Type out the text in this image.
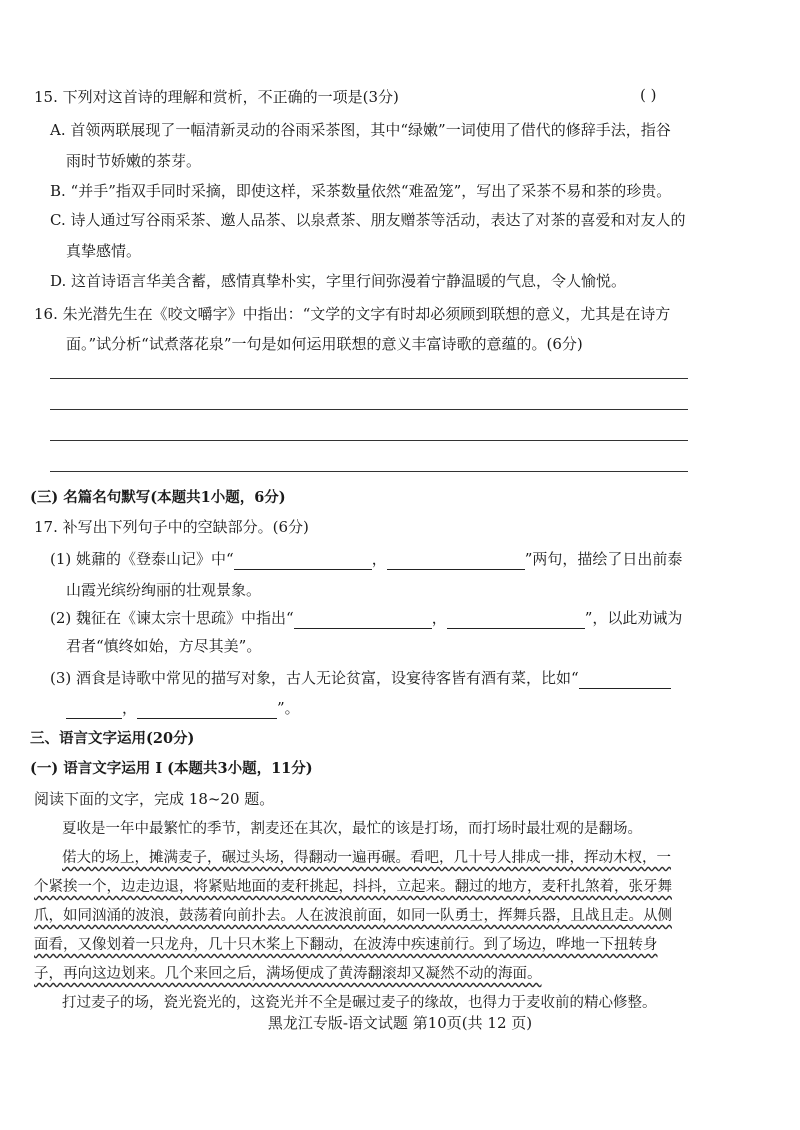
15. 下列对这首诗的理解和赏析，不正确的一项是(3分)	( )
A. 首领两联展现了一幅清新灵动的谷雨采茶图，其中“绿嫩”一词使用了借代的修辞手法，指谷
雨时节娇嫩的茶芽。
B. “并手”指双手同时采摘，即使这样，采茶数量依然“难盈笼”，写出了采茶不易和茶的珍贵。
C. 诗人通过写谷雨采茶、邀人品茶、以泉煮茶、朋友赠茶等活动，表达了对茶的喜爱和对友人的
真挚感情。
D. 这首诗语言华美含蓄，感情真挚朴实，字里行间弥漫着宁静温暖的气息，令人愉悦。
16. 朱光潜先生在《咬文嚼字》中指出：“文学的文字有时却必须顾到联想的意义，尤其是在诗方
面。”试分析“试煮落花泉”一句是如何运用联想的意义丰富诗歌的意蕴的。(6分)
(三) 名篇名句默写(本题共1小题，6分)
17. 补写出下列句子中的空缺部分。(6分)
(1) 姚鼐的《登泰山记》中“	，	”两句，描绘了日出前泰
山霞光缤纷绚丽的壮观景象。
(2) 魏征在《谏太宗十思疏》中指出“	，	”，以此劝诫为
君者“慎终如始，方尽其美”。
(3) 酒食是诗歌中常见的描写对象，古人无论贫富，设宴待客皆有酒有菜，比如“
，	”。
三、语言文字运用(20分)
(一) 语言文字运用 I (本题共3小题，11分)
阅读下面的文字，完成 18~20 题。
夏收是一年中最繁忙的季节，割麦还在其次，最忙的该是打场，而打场时最壮观的是翻场。
偌大的场上，摊满麦子，碾过头场，得翻动一遍再碾。看吧，几十号人排成一排，挥动木杈，一
个紧挨一个，边走边退，将紧贴地面的麦秆挑起，抖抖，立起来。翻过的地方，麦秆扎煞着，张牙舞
爪，如同汹涌的波浪，鼓荡着向前扑去。人在波浪前面，如同一队勇士，挥舞兵器，且战且走。从侧
面看，又像划着一只龙舟，几十只木桨上下翻动，在波涛中疾速前行。到了场边，哗地一下扭转身
子，再向这边划来。几个来回之后，满场便成了黄涛翻滚却又凝然不动的海面。
打过麦子的场，瓷光瓷光的，这瓷光并不全是碾过麦子的缘故，也得力于麦收前的精心修整。
黑龙江专版-语文试题 第10页(共 12 页)
